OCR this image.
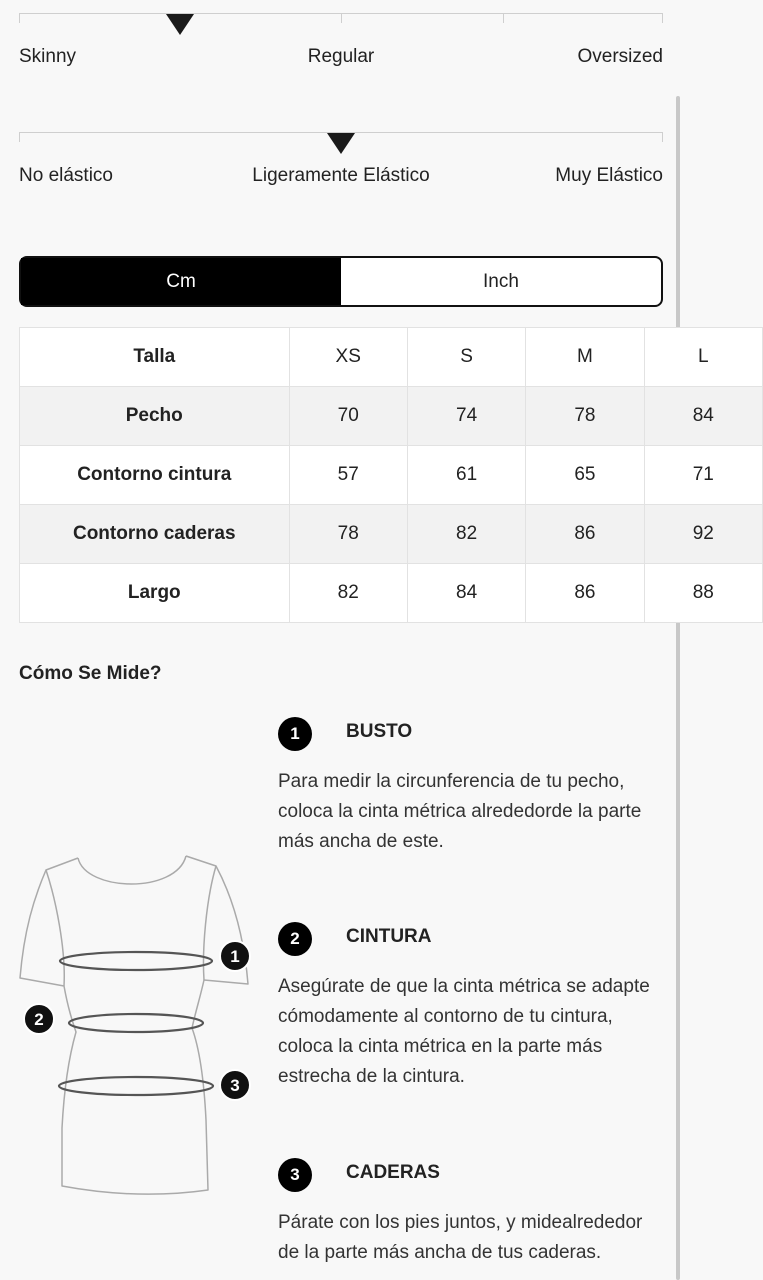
Skinny	Regular	Oversized
No elástico	Ligeramente Elástico	Muy Elástico
Cm	Inch
Talla	XS	S	M	L
Pecho	70	74	78	84
Contorno cintura	57	61	65	71
Contorno caderas	78	82	86	92
Largo	82	84	86	88
Cómo Se Mide?
1
2
3
1	BUSTO
Para medir la circunferencia de tu pecho, coloca la cinta métrica alrededorde la parte más ancha de este.
2	CINTURA
Asegúrate de que la cinta métrica se adapte cómodamente al contorno de tu cintura, coloca la cinta métrica en la parte más estrecha de la cintura.
3	CADERAS
Párate con los pies juntos, y midealrededor de la parte más ancha de tus caderas.
